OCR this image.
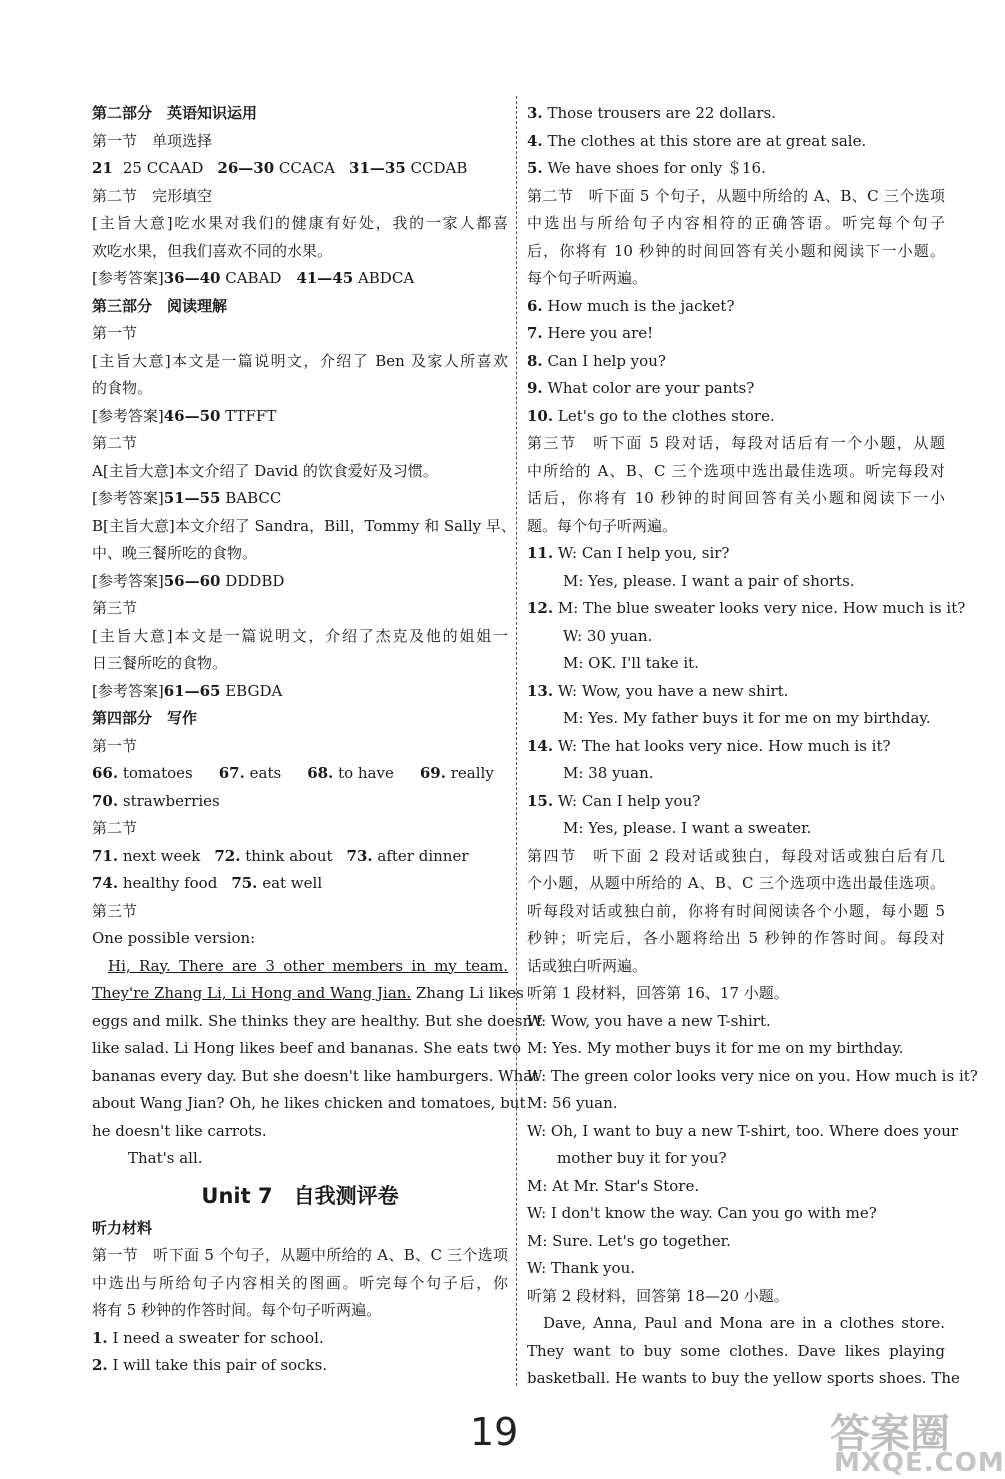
第二部分　英语知识运用
第一节　单项选择
21 25 CCAAD 26—30 CCACA 31—35 CCDAB
第二节　完形填空
[主旨大意]吃水果对我们的健康有好处，我的一家人都喜
欢吃水果，但我们喜欢不同的水果。
[参考答案]36—40 CABAD　41—45 ABDCA
第三部分　阅读理解
第一节
[主旨大意]本文是一篇说明文，介绍了 Ben 及家人所喜欢
的食物。
[参考答案]46—50 TTFFT
第二节
A[主旨大意]本文介绍了 David 的饮食爱好及习惯。
[参考答案]51—55 BABCC
B[主旨大意]本文介绍了 Sandra，Bill，Tommy 和 Sally 早、
中、晚三餐所吃的食物。
[参考答案]56—60 DDDBD
第三节
[主旨大意]本文是一篇说明文，介绍了杰克及他的姐姐一
日三餐所吃的食物。
[参考答案]61—65 EBGDA
第四部分　写作
第一节
66. tomatoes 67. eats 68. to have 69. really
70. strawberries
第二节
71. next week 72. think about 73. after dinner
74. healthy food 75. eat well
第三节
One possible version:
Hi, Ray. There are 3 other members in my team.
They're Zhang Li, Li Hong and Wang Jian. Zhang Li likes
eggs and milk. She thinks they are healthy. But she doesn't
like salad. Li Hong likes beef and bananas. She eats two
bananas every day. But she doesn't like hamburgers. What
about Wang Jian? Oh, he likes chicken and tomatoes, but
he doesn't like carrots.
That's all.
Unit 7　自我测评卷
听力材料
第一节　听下面 5 个句子，从题中所给的 A、B、C 三个选项
中选出与所给句子内容相关的图画。听完每个句子后，你
将有 5 秒钟的作答时间。每个句子听两遍。
1. I need a sweater for school.
2. I will take this pair of socks.
3. Those trousers are 22 dollars.
4. The clothes at this store are at great sale.
5. We have shoes for only ＄16.
第二节　听下面 5 个句子，从题中所给的 A、B、C 三个选项
中选出与所给句子内容相符的正确答语。听完每个句子
后，你将有 10 秒钟的时间回答有关小题和阅读下一小题。
每个句子听两遍。
6. How much is the jacket?
7. Here you are!
8. Can I help you?
9. What color are your pants?
10. Let's go to the clothes store.
第三节　听下面 5 段对话，每段对话后有一个小题，从题
中所给的 A、B、C 三个选项中选出最佳选项。听完每段对
话后，你将有 10 秒钟的时间回答有关小题和阅读下一小
题。每个句子听两遍。
11. W: Can I help you, sir?
M: Yes, please. I want a pair of shorts.
12. M: The blue sweater looks very nice. How much is it?
W: 30 yuan.
M: OK. I'll take it.
13. W: Wow, you have a new shirt.
M: Yes. My father buys it for me on my birthday.
14. W: The hat looks very nice. How much is it?
M: 38 yuan.
15. W: Can I help you?
M: Yes, please. I want a sweater.
第四节　听下面 2 段对话或独白，每段对话或独白后有几
个小题，从题中所给的 A、B、C 三个选项中选出最佳选项。
听每段对话或独白前，你将有时间阅读各个小题，每小题 5
秒钟；听完后，各小题将给出 5 秒钟的作答时间。每段对
话或独白听两遍。
听第 1 段材料，回答第 16、17 小题。
W: Wow, you have a new T-shirt.
M: Yes. My mother buys it for me on my birthday.
W: The green color looks very nice on you. How much is it?
M: 56 yuan.
W: Oh, I want to buy a new T-shirt, too. Where does your
mother buy it for you?
M: At Mr. Star's Store.
W: I don't know the way. Can you go with me?
M: Sure. Let's go together.
W: Thank you.
听第 2 段材料，回答第 18—20 小题。
Dave, Anna, Paul and Mona are in a clothes store.
They want to buy some clothes. Dave likes playing
basketball. He wants to buy the yellow sports shoes. The
19	答案圈
MXQE.COM
